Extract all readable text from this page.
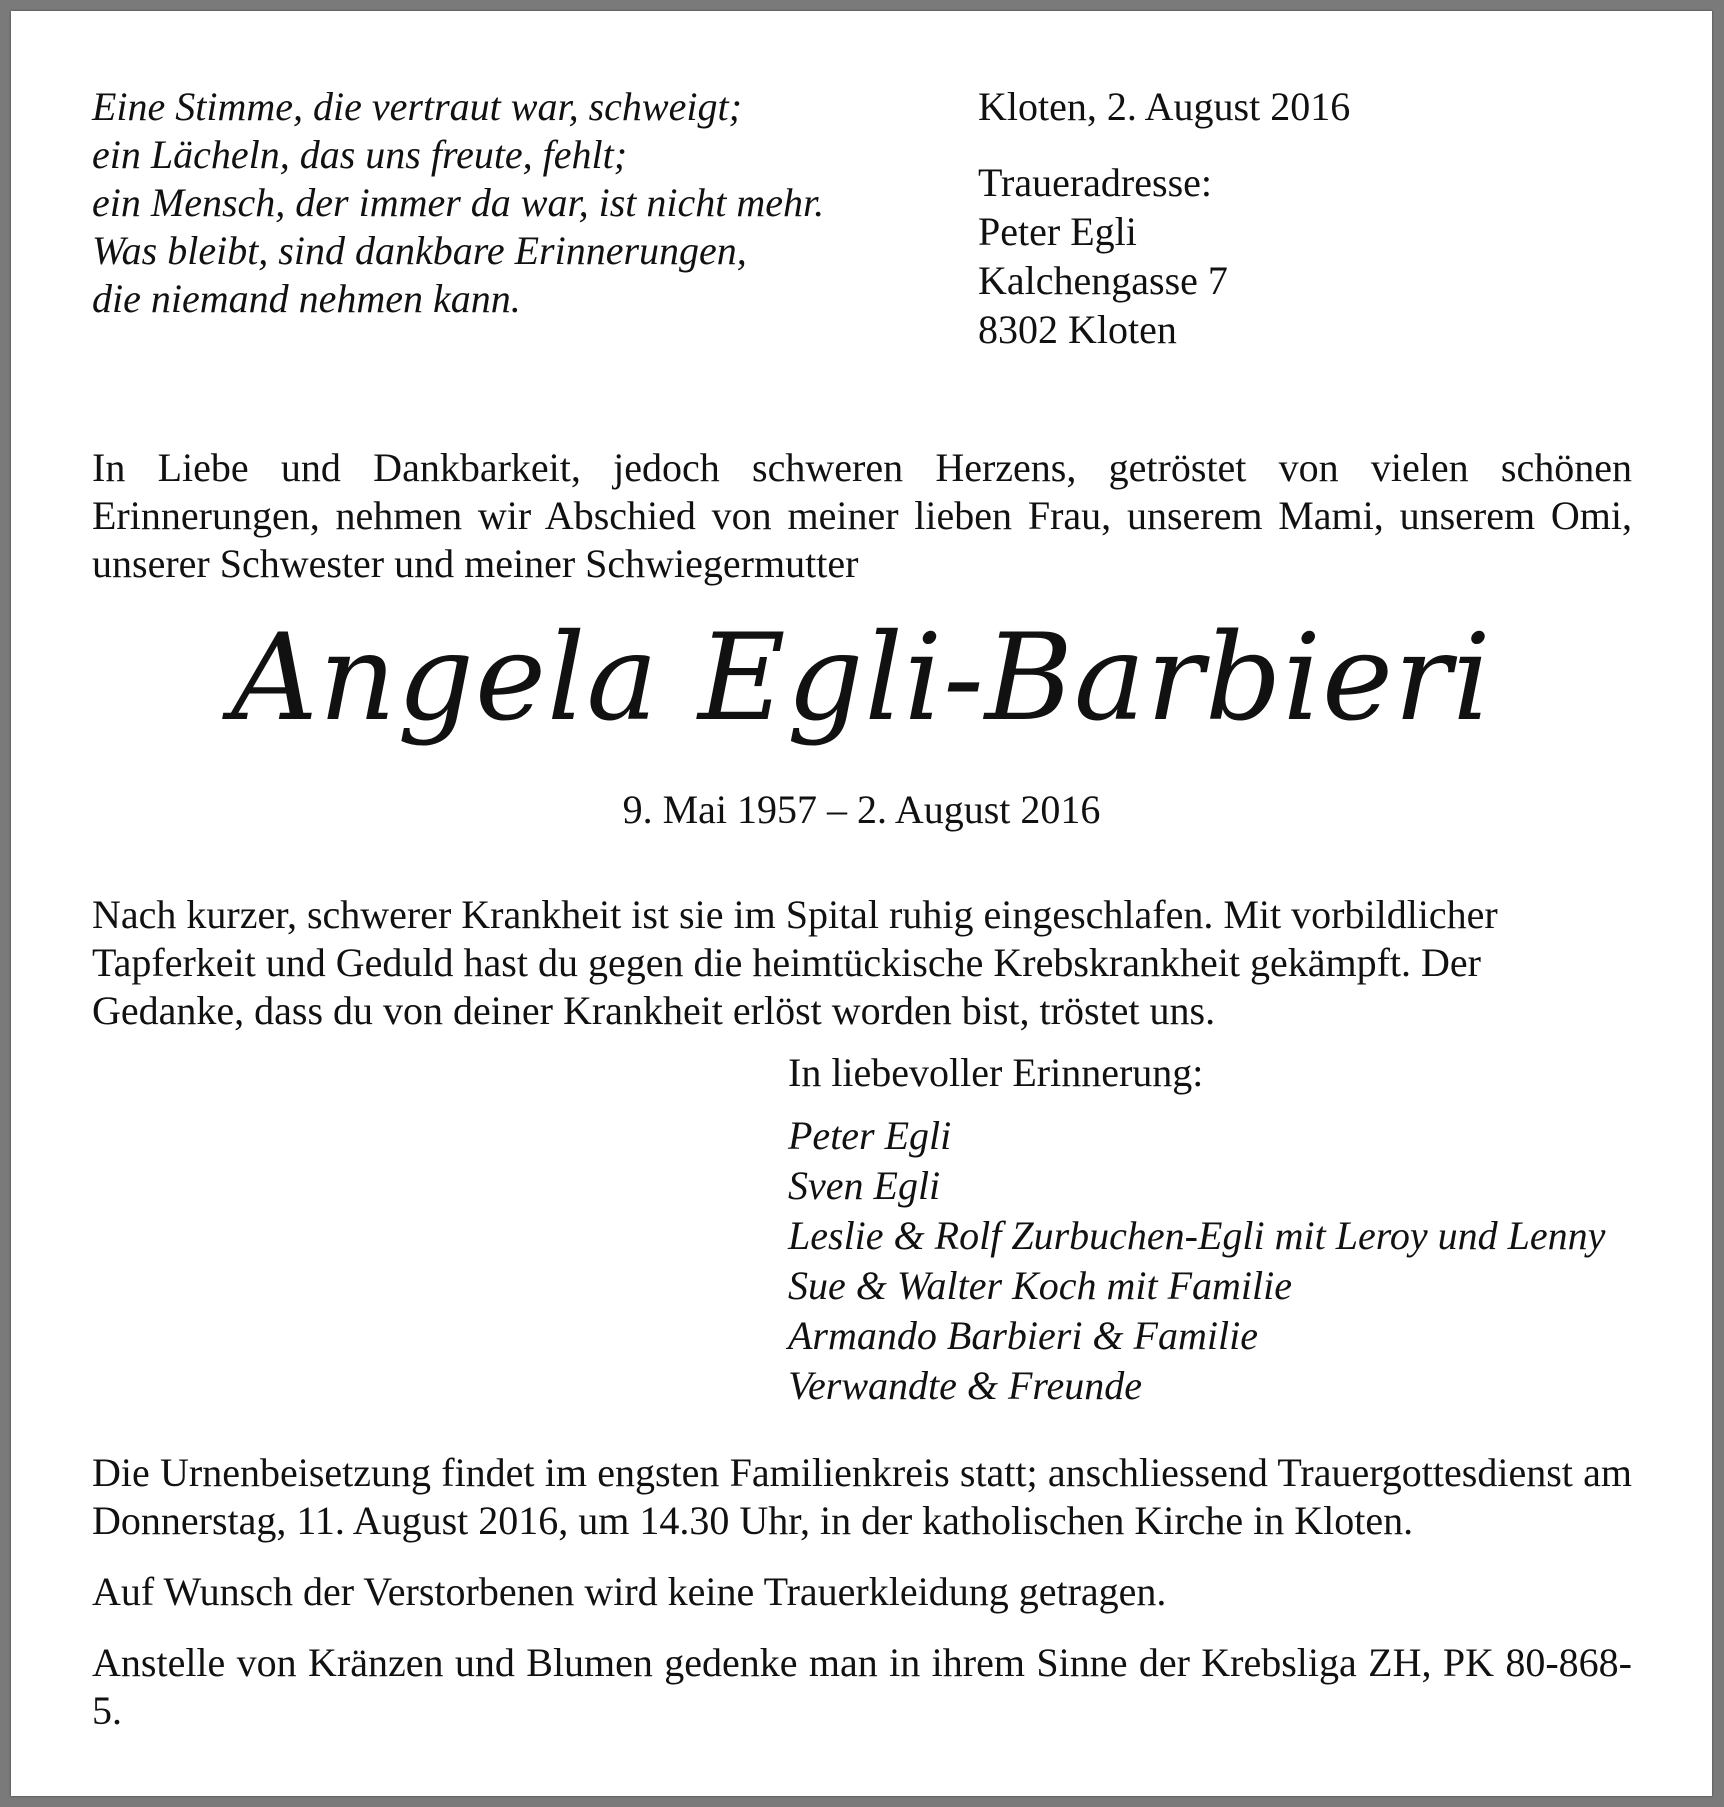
Eine Stimme, die vertraut war, schweigt;
ein Lächeln, das uns freute, fehlt;
ein Mensch, der immer da war, ist nicht mehr.
Was bleibt, sind dankbare Erinnerungen,
die niemand nehmen kann.
Kloten, 2. August 2016
Traueradresse:
Peter Egli
Kalchengasse 7
8302 Kloten
In Liebe und Dankbarkeit, jedoch schweren Herzens, getröstet von vielen schönen Erinnerungen, nehmen wir Abschied von meiner lieben Frau, unserem Mami, unserem Omi, unserer Schwester und meiner Schwiegermutter
Angela Egli-Barbieri
9. Mai 1957 – 2. August 2016
Nach kurzer, schwerer Krankheit ist sie im Spital ruhig eingeschlafen. Mit vorbildlicher Tapferkeit und Geduld hast du gegen die heimtückische Krebskrankheit gekämpft. Der Gedanke, dass du von deiner Krankheit erlöst worden bist, tröstet uns.
In liebevoller Erinnerung:
Peter Egli
Sven Egli
Leslie & Rolf Zurbuchen-Egli mit Leroy und Lenny
Sue & Walter Koch mit Familie
Armando Barbieri & Familie
Verwandte & Freunde
Die Urnenbeisetzung findet im engsten Familienkreis statt; anschliessend Trauergottesdienst am Donnerstag, 11. August 2016, um 14.30 Uhr, in der katholischen Kirche in Kloten.
Auf Wunsch der Verstorbenen wird keine Trauerkleidung getragen.
Anstelle von Kränzen und Blumen gedenke man in ihrem Sinne der Krebsliga ZH, PK 80-868-5.
